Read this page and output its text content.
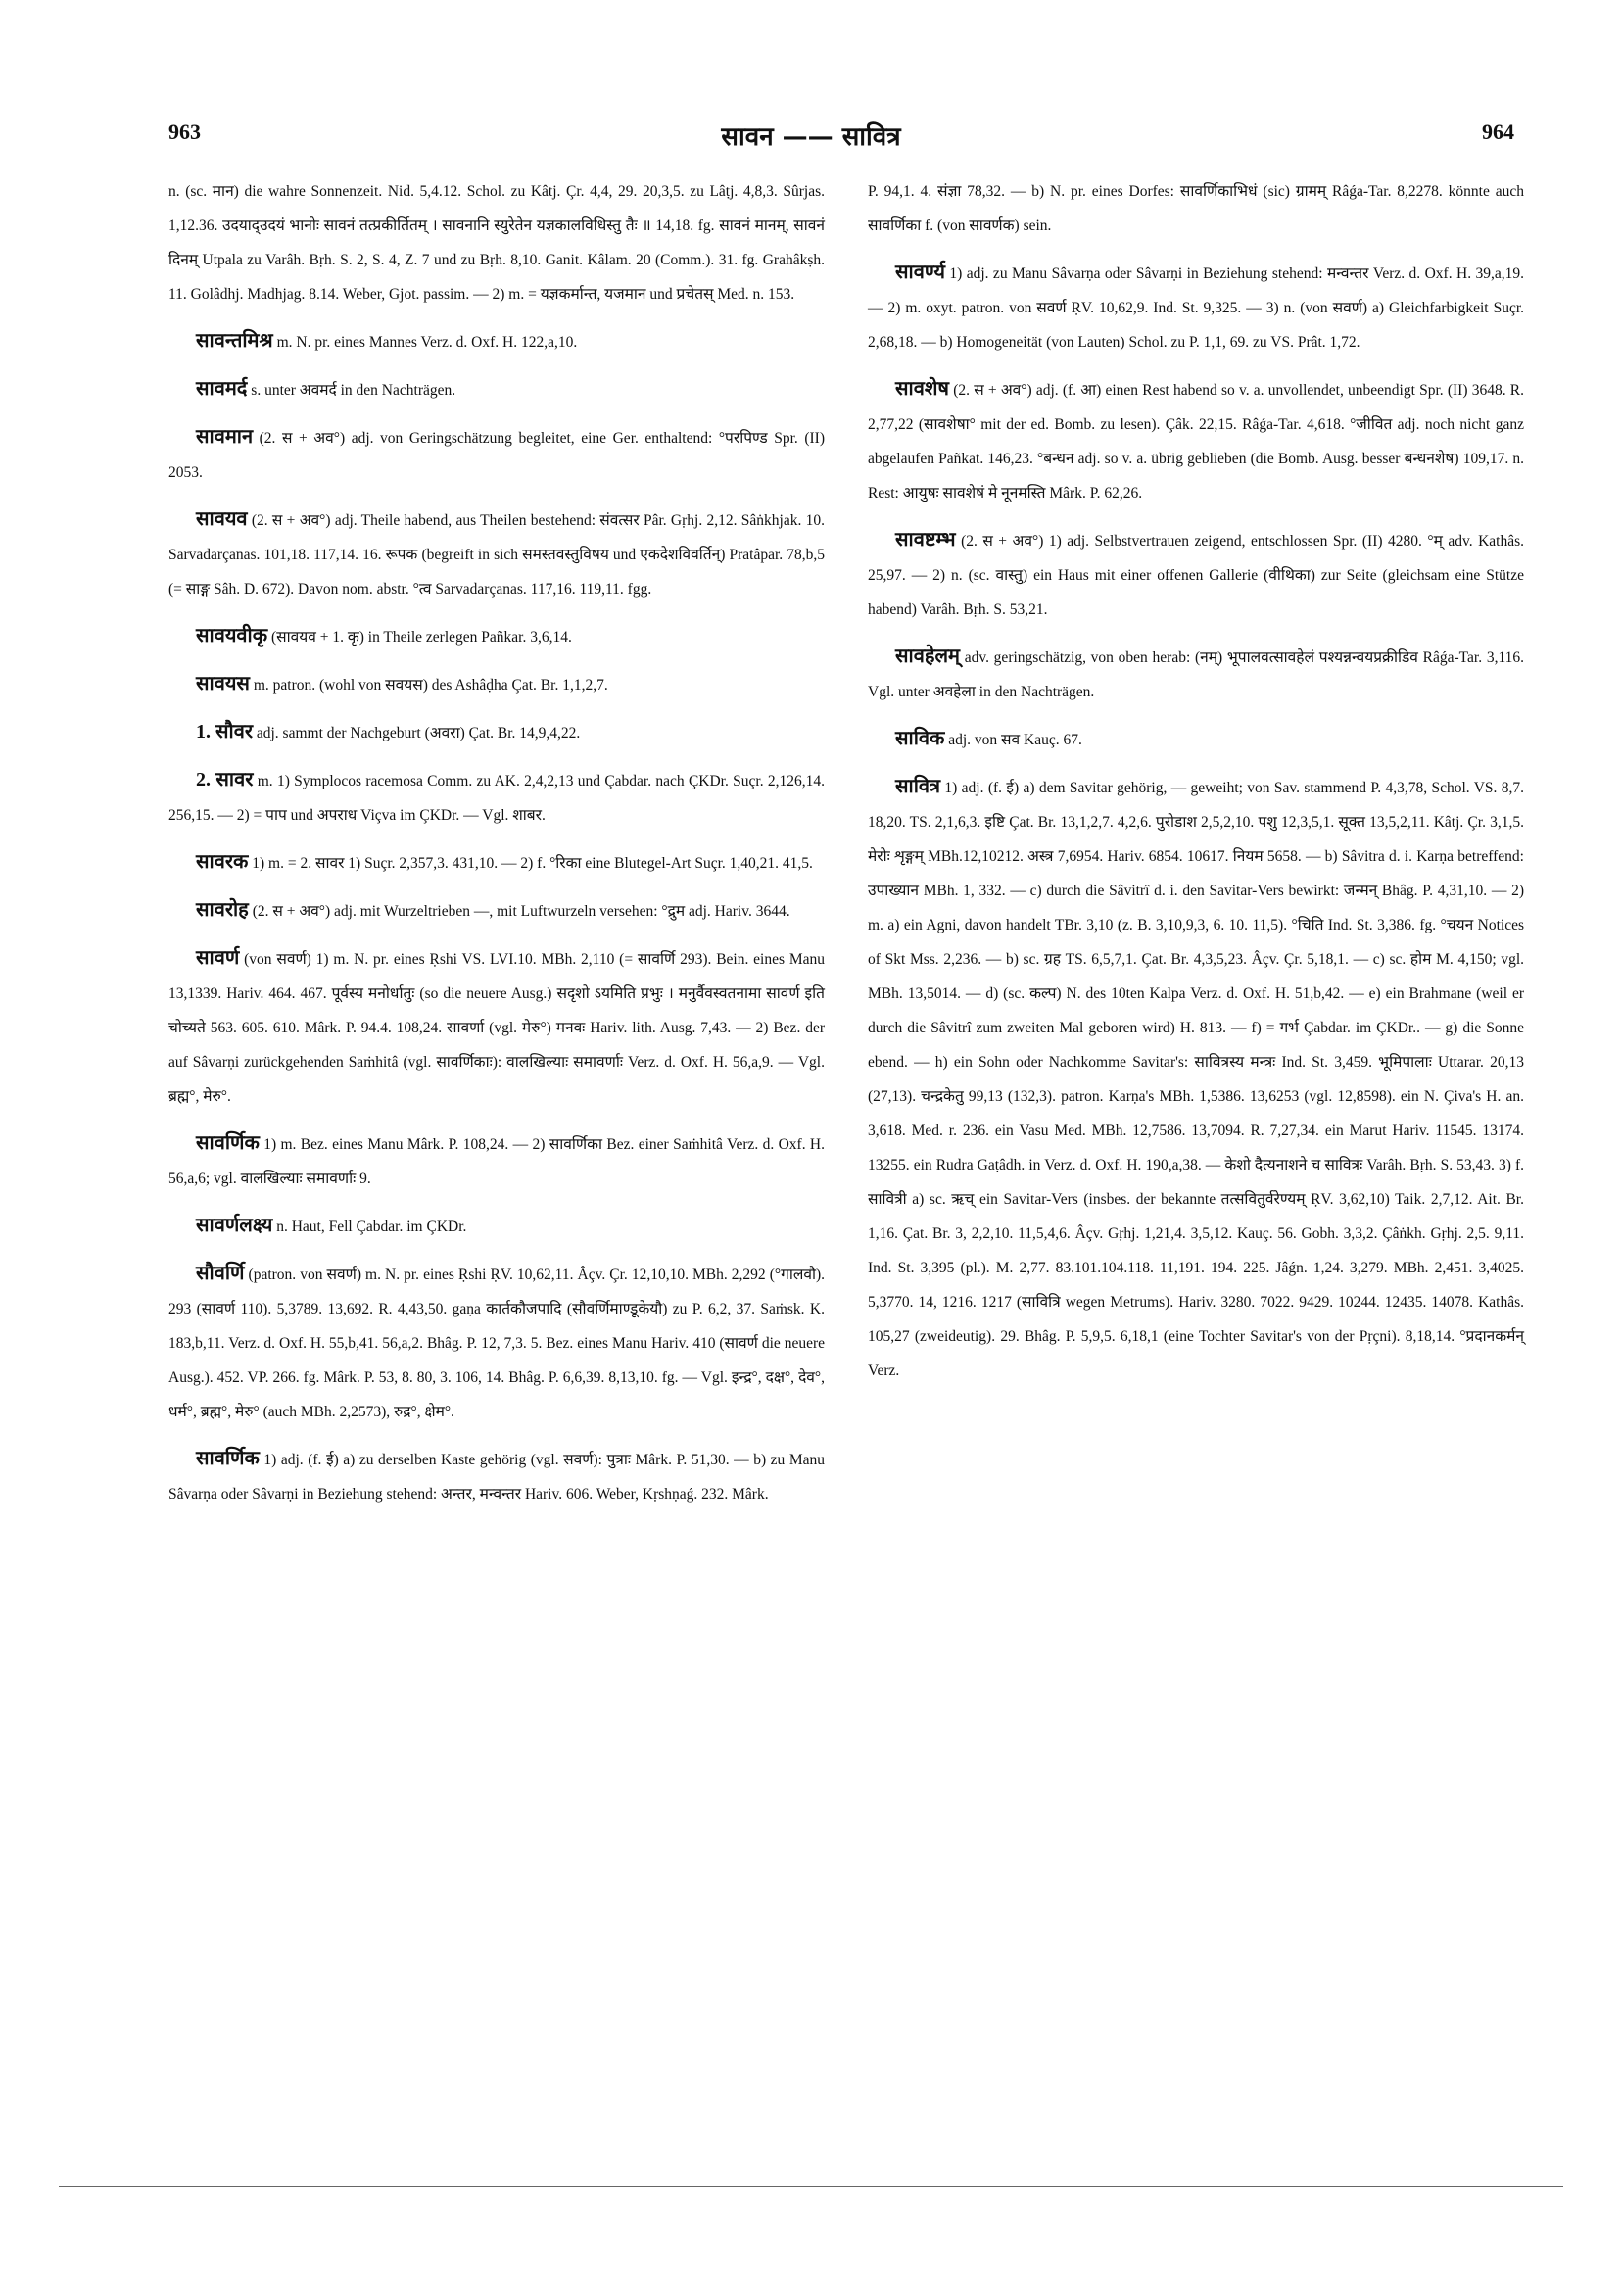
963	सावन —— सावित्र	964

n. (sc. मान) die wahre Sonnenzeit. Nid. 5,4.12. Schol. zu Kâtj. Çr. 4,4, 29. 20,3,5. zu Lâṭj. 4,8,3. Sûrjas. 1,12.36. उदयाद्उदयं भानोः सावनं तत्प्रकीर्तितम् । सावनानि स्युरेतेन यज्ञकालविधिस्तु तैः ॥ 14,18. fg. सावनं मानम्, सावनं दिनम् Utpala zu Varâh. Bṛh. S. 2, S. 4, Z. 7 und zu Bṛh. 8,10. Ganit. Kâlam. 20 (Comm.). 31. fg. Grahâkṣh. 11. Golâdhj. Madhjag. 8.14. Weber, Gjot. passim. — 2) m. = यज्ञकर्मान्त, यजमान und प्रचेतस् Med. n. 153.

सावन्तमिश्र m. N. pr. eines Mannes Verz. d. Oxf. H. 122,a,10.

सावमर्द s. unter अवमर्द in den Nachträgen.

सावमान (2. स + अव°) adj. von Geringschätzung begleitet, eine Ger. enthaltend: °परपिण्ड Spr. (II) 2053.

सावयव (2. स + अव°) adj. Theile habend, aus Theilen bestehend: संवत्सर Pâr. Gṛhj. 2,12. Sâṅkhjak. 10. Sarvadarçanas. 101,18. 117,14. 16. रूपक (begreift in sich समस्तवस्तुविषय und एकदेशविवर्तिन्) Pratâpar. 78,b,5 (= साङ्ग Sâh. D. 672). Davon nom. abstr. °त्व Sarvadarçanas. 117,16. 119,11. fgg.

सावयवीकृ (सावयव + 1. कृ) in Theile zerlegen Pañkar. 3,6,14.

सावयस m. patron. (wohl von सवयस) des Ashâḍha Çat. Br. 1,1,2,7.

1. सौवर adj. sammt der Nachgeburt (अवरा) Çat. Br. 14,9,4,22.

2. सावर m. 1) Symplocos racemosa Comm. zu AK. 2,4,2,13 und Çabdar. nach ÇKDr. Suçr. 2,126,14. 256,15. — 2) = पाप und अपराध Viçva im ÇKDr. — Vgl. शाबर.

सावरक 1) m. = 2. सावर 1) Suçr. 2,357,3. 431,10. — 2) f. °रिका eine Blutegel-Art Suçr. 1,40,21. 41,5.

सावरोह (2. स + अव°) adj. mit Wurzeltrieben —, mit Luftwurzeln versehen: °द्रुम adj. Hariv. 3644.

सावर्ण (von सवर्ण) 1) m. N. pr. eines Ṛshi VS. LVI.10. MBh. 2,110 (= सावर्णि 293). Bein. eines Manu 13,1339. Hariv. 464. 467. पूर्वस्य मनोर्धातुः (so die neuere Ausg.) सदृशो ऽयमिति प्रभुः । मनुर्वैवस्वतनामा सावर्ण इति चोच्यते 563. 605. 610. Mârk. P. 94.4. 108,24. सावर्णा (vgl. मेरु°) मनवः Hariv. lith. Ausg. 7,43. — 2) Bez. der auf Sâvarṇi zurückgehenden Saṁhitâ (vgl. सावर्णिकाः): वालखिल्याः समावर्णाः Verz. d. Oxf. H. 56,a,9. — Vgl. ब्रह्म°, मेरु°.

सावर्णिक 1) m. Bez. eines Manu Mârk. P. 108,24. — 2) सावर्णिका Bez. einer Saṁhitâ Verz. d. Oxf. H. 56,a,6; vgl. वालखिल्याः समावर्णाः 9.

सावर्णलक्ष्य n. Haut, Fell Çabdar. im ÇKDr.

सौवर्णि (patron. von सवर्ण) m. N. pr. eines Ṛshi ṚV. 10,62,11. Âçv. Çr. 12,10,10. MBh. 2,292 (°गालवौ). 293 (सावर्ण 110). 5,3789. 13,692. R. 4,43,50. gaṇa कार्तकौजपादि (सौवर्णिमाण्डूकेयौ) zu P. 6,2, 37. Saṁsk. K. 183,b,11. Verz. d. Oxf. H. 55,b,41. 56,a,2. Bhâg. P. 12, 7,3. 5. Bez. eines Manu Hariv. 410 (सावर्ण die neuere Ausg.). 452. VP. 266. fg. Mârk. P. 53, 8. 80, 3. 106, 14. Bhâg. P. 6,6,39. 8,13,10. fg. — Vgl. इन्द्र°, दक्ष°, देव°, धर्म°, ब्रह्म°, मेरु° (auch MBh. 2,2573), रुद्र°, क्षेम°.

सावर्णिक 1) adj. (f. ई) a) zu derselben Kaste gehörig (vgl. सवर्ण): पुत्राः Mârk. P. 51,30. — b) zu Manu Sâvarṇa oder Sâvarṇi in Beziehung stehend: अन्तर, मन्वन्तर Hariv. 606. Weber, Kṛshṇaǵ. 232. Mârk.

P. 94,1. 4. संज्ञा 78,32. — b) N. pr. eines Dorfes: सावर्णिकाभिधं (sic) ग्रामम् Râǵa-Tar. 8,2278. könnte auch सावर्णिका f. (von सावर्णक) sein.

सावर्ण्य 1) adj. zu Manu Sâvarṇa oder Sâvarṇi in Beziehung stehend: मन्वन्तर Verz. d. Oxf. H. 39,a,19. — 2) m. oxyt. patron. von सवर्ण ṚV. 10,62,9. Ind. St. 9,325. — 3) n. (von सवर्ण) a) Gleichfarbigkeit Suçr. 2,68,18. — b) Homogeneität (von Lauten) Schol. zu P. 1,1, 69. zu VS. Prât. 1,72.

सावशेष (2. स + अव°) adj. (f. आ) einen Rest habend so v. a. unvollendet, unbeendigt Spr. (II) 3648. R. 2,77,22 (सावशेषा° mit der ed. Bomb. zu lesen). Çâk. 22,15. Râǵa-Tar. 4,618. °जीवित adj. noch nicht ganz abgelaufen Pañkat. 146,23. °बन्धन adj. so v. a. übrig geblieben (die Bomb. Ausg. besser बन्धनशेष) 109,17. n. Rest: आयुषः सावशेषं मे नूनमस्ति Mârk. P. 62,26.

सावष्टम्भ (2. स + अव°) 1) adj. Selbstvertrauen zeigend, entschlossen Spr. (II) 4280. °म् adv. Kathâs. 25,97. — 2) n. (sc. वास्तु) ein Haus mit einer offenen Gallerie (वीथिका) zur Seite (gleichsam eine Stütze habend) Varâh. Bṛh. S. 53,21.

सावहेलम् adv. geringschätzig, von oben herab: (नम्) भूपालवत्सावहेलं पश्यन्नन्वयप्रक्रीडिव Râǵa-Tar. 3,116. Vgl. unter अवहेला in den Nachträgen.

साविक adj. von सव Kauç. 67.

सावित्र 1) adj. (f. ई) a) dem Savitar gehörig, — geweiht; von Sav. stammend P. 4,3,78, Schol. VS. 8,7. 18,20. TS. 2,1,6,3. इष्टि Çat. Br. 13,1,2,7. 4,2,6. पुरोडाश 2,5,2,10. पशु 12,3,5,1. सूक्त 13,5,2,11. Kâtj. Çr. 3,1,5. मेरोः शृङ्गम् MBh.12,10212. अस्त्र 7,6954. Hariv. 6854. 10617. नियम 5658. — b) Sâvitra d. i. Karṇa betreffend: उपाख्यान MBh. 1, 332. — c) durch die Sâvitrî d. i. den Savitar-Vers bewirkt: जन्मन् Bhâg. P. 4,31,10. — 2) m. a) ein Agni, davon handelt TBr. 3,10 (z. B. 3,10,9,3, 6. 10. 11,5). °चिति Ind. St. 3,386. fg. °चयन Notices of Skt Mss. 2,236. — b) sc. ग्रह TS. 6,5,7,1. Çat. Br. 4,3,5,23. Âçv. Çr. 5,18,1. — c) sc. होम M. 4,150; vgl. MBh. 13,5014. — d) (sc. कल्प) N. des 10ten Kalpa Verz. d. Oxf. H. 51,b,42. — e) ein Brahmane (weil er durch die Sâvitrî zum zweiten Mal geboren wird) H. 813. — f) = गर्भ Çabdar. im ÇKDr.. — g) die Sonne ebend. — h) ein Sohn oder Nachkomme Savitar's: सावित्रस्य मन्त्रः Ind. St. 3,459. भूमिपालाः Uttarar. 20,13 (27,13). चन्द्रकेतु 99,13 (132,3). patron. Karṇa's MBh. 1,5386. 13,6253 (vgl. 12,8598). ein N. Çiva's H. an. 3,618. Med. r. 236. ein Vasu Med. MBh. 12,7586. 13,7094. R. 7,27,34. ein Marut Hariv. 11545. 13174. 13255. ein Rudra Gaṭâdh. in Verz. d. Oxf. H. 190,a,38. — केशो दैत्यनाशने च सावित्रः Varâh. Bṛh. S. 53,43. 3) f. सावित्री a) sc. ऋच् ein Savitar-Vers (insbes. der bekannte तत्सवितुर्वरेण्यम् ṚV. 3,62,10) Taik. 2,7,12. Ait. Br. 1,16. Çat. Br. 3, 2,2,10. 11,5,4,6. Âçv. Gṛhj. 1,21,4. 3,5,12. Kauç. 56. Gobh. 3,3,2. Çâṅkh. Gṛhj. 2,5. 9,11. Ind. St. 3,395 (pl.). M. 2,77. 83.101.104.118. 11,191. 194. 225. Jâǵn. 1,24. 3,279. MBh. 2,451. 3,4025. 5,3770. 14, 1216. 1217 (सावित्रि wegen Metrums). Hariv. 3280. 7022. 9429. 10244. 12435. 14078. Kathâs. 105,27 (zweideutig). 29. Bhâg. P. 5,9,5. 6,18,1 (eine Tochter Savitar's von der Pṛçni). 8,18,14. °प्रदानकर्मन् Verz.
